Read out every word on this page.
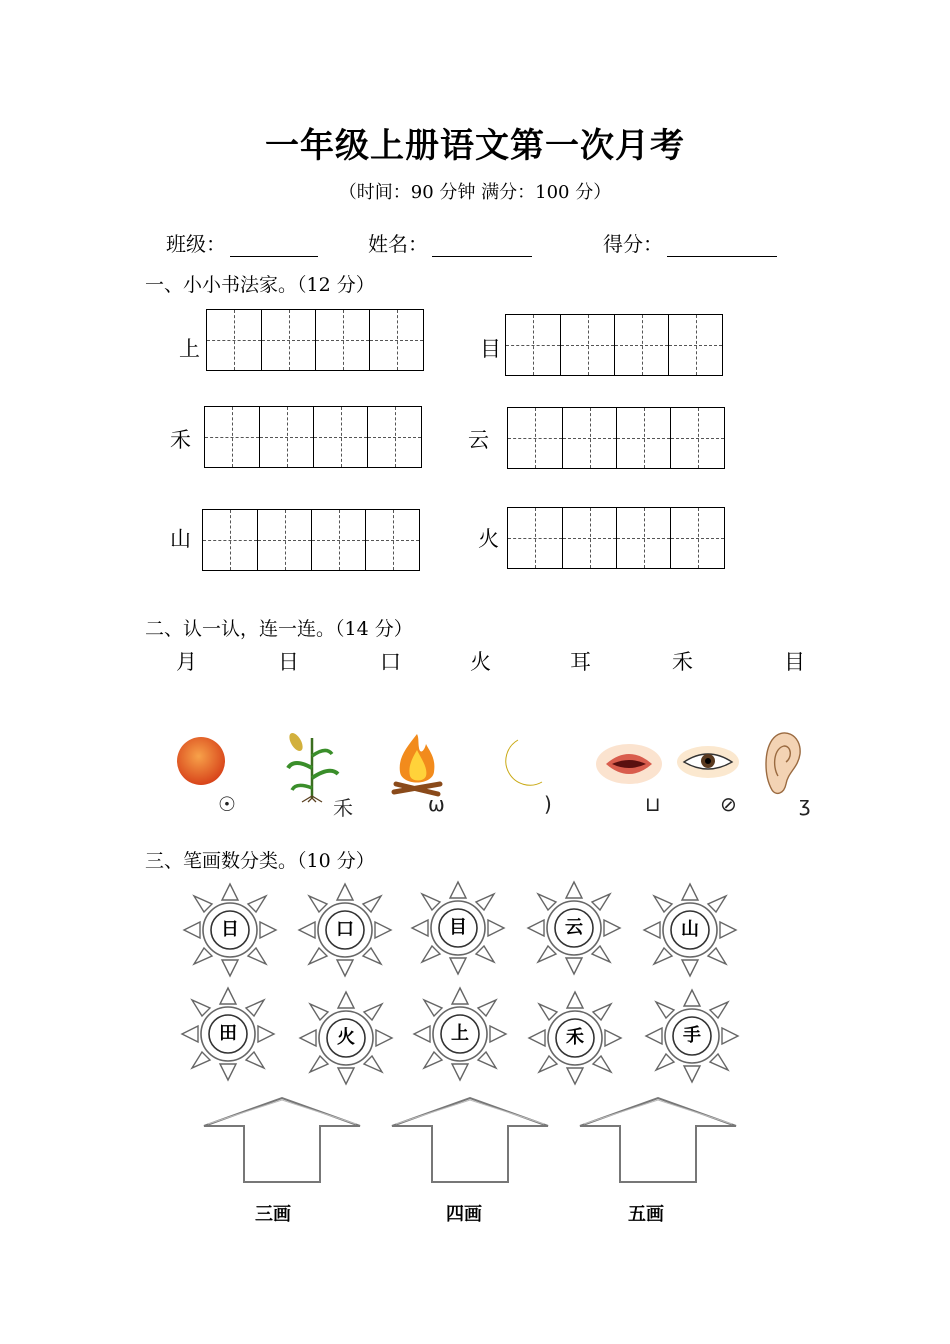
一年级上册语文第一次月考
（时间：90 分钟 满分：100 分）
班级：	姓名：	得分：
一、小小书法家。（12 分）
上	目
禾	云
山	火
二、认一认，连一连。（14 分）
月	日	口	火	耳	禾	目
☉	⽲	ω	)	⊔	⊘	ʒ
三、笔画数分类。（10 分）
日	口	目	云	山
田	火	上	禾	手
三画	四画	五画
